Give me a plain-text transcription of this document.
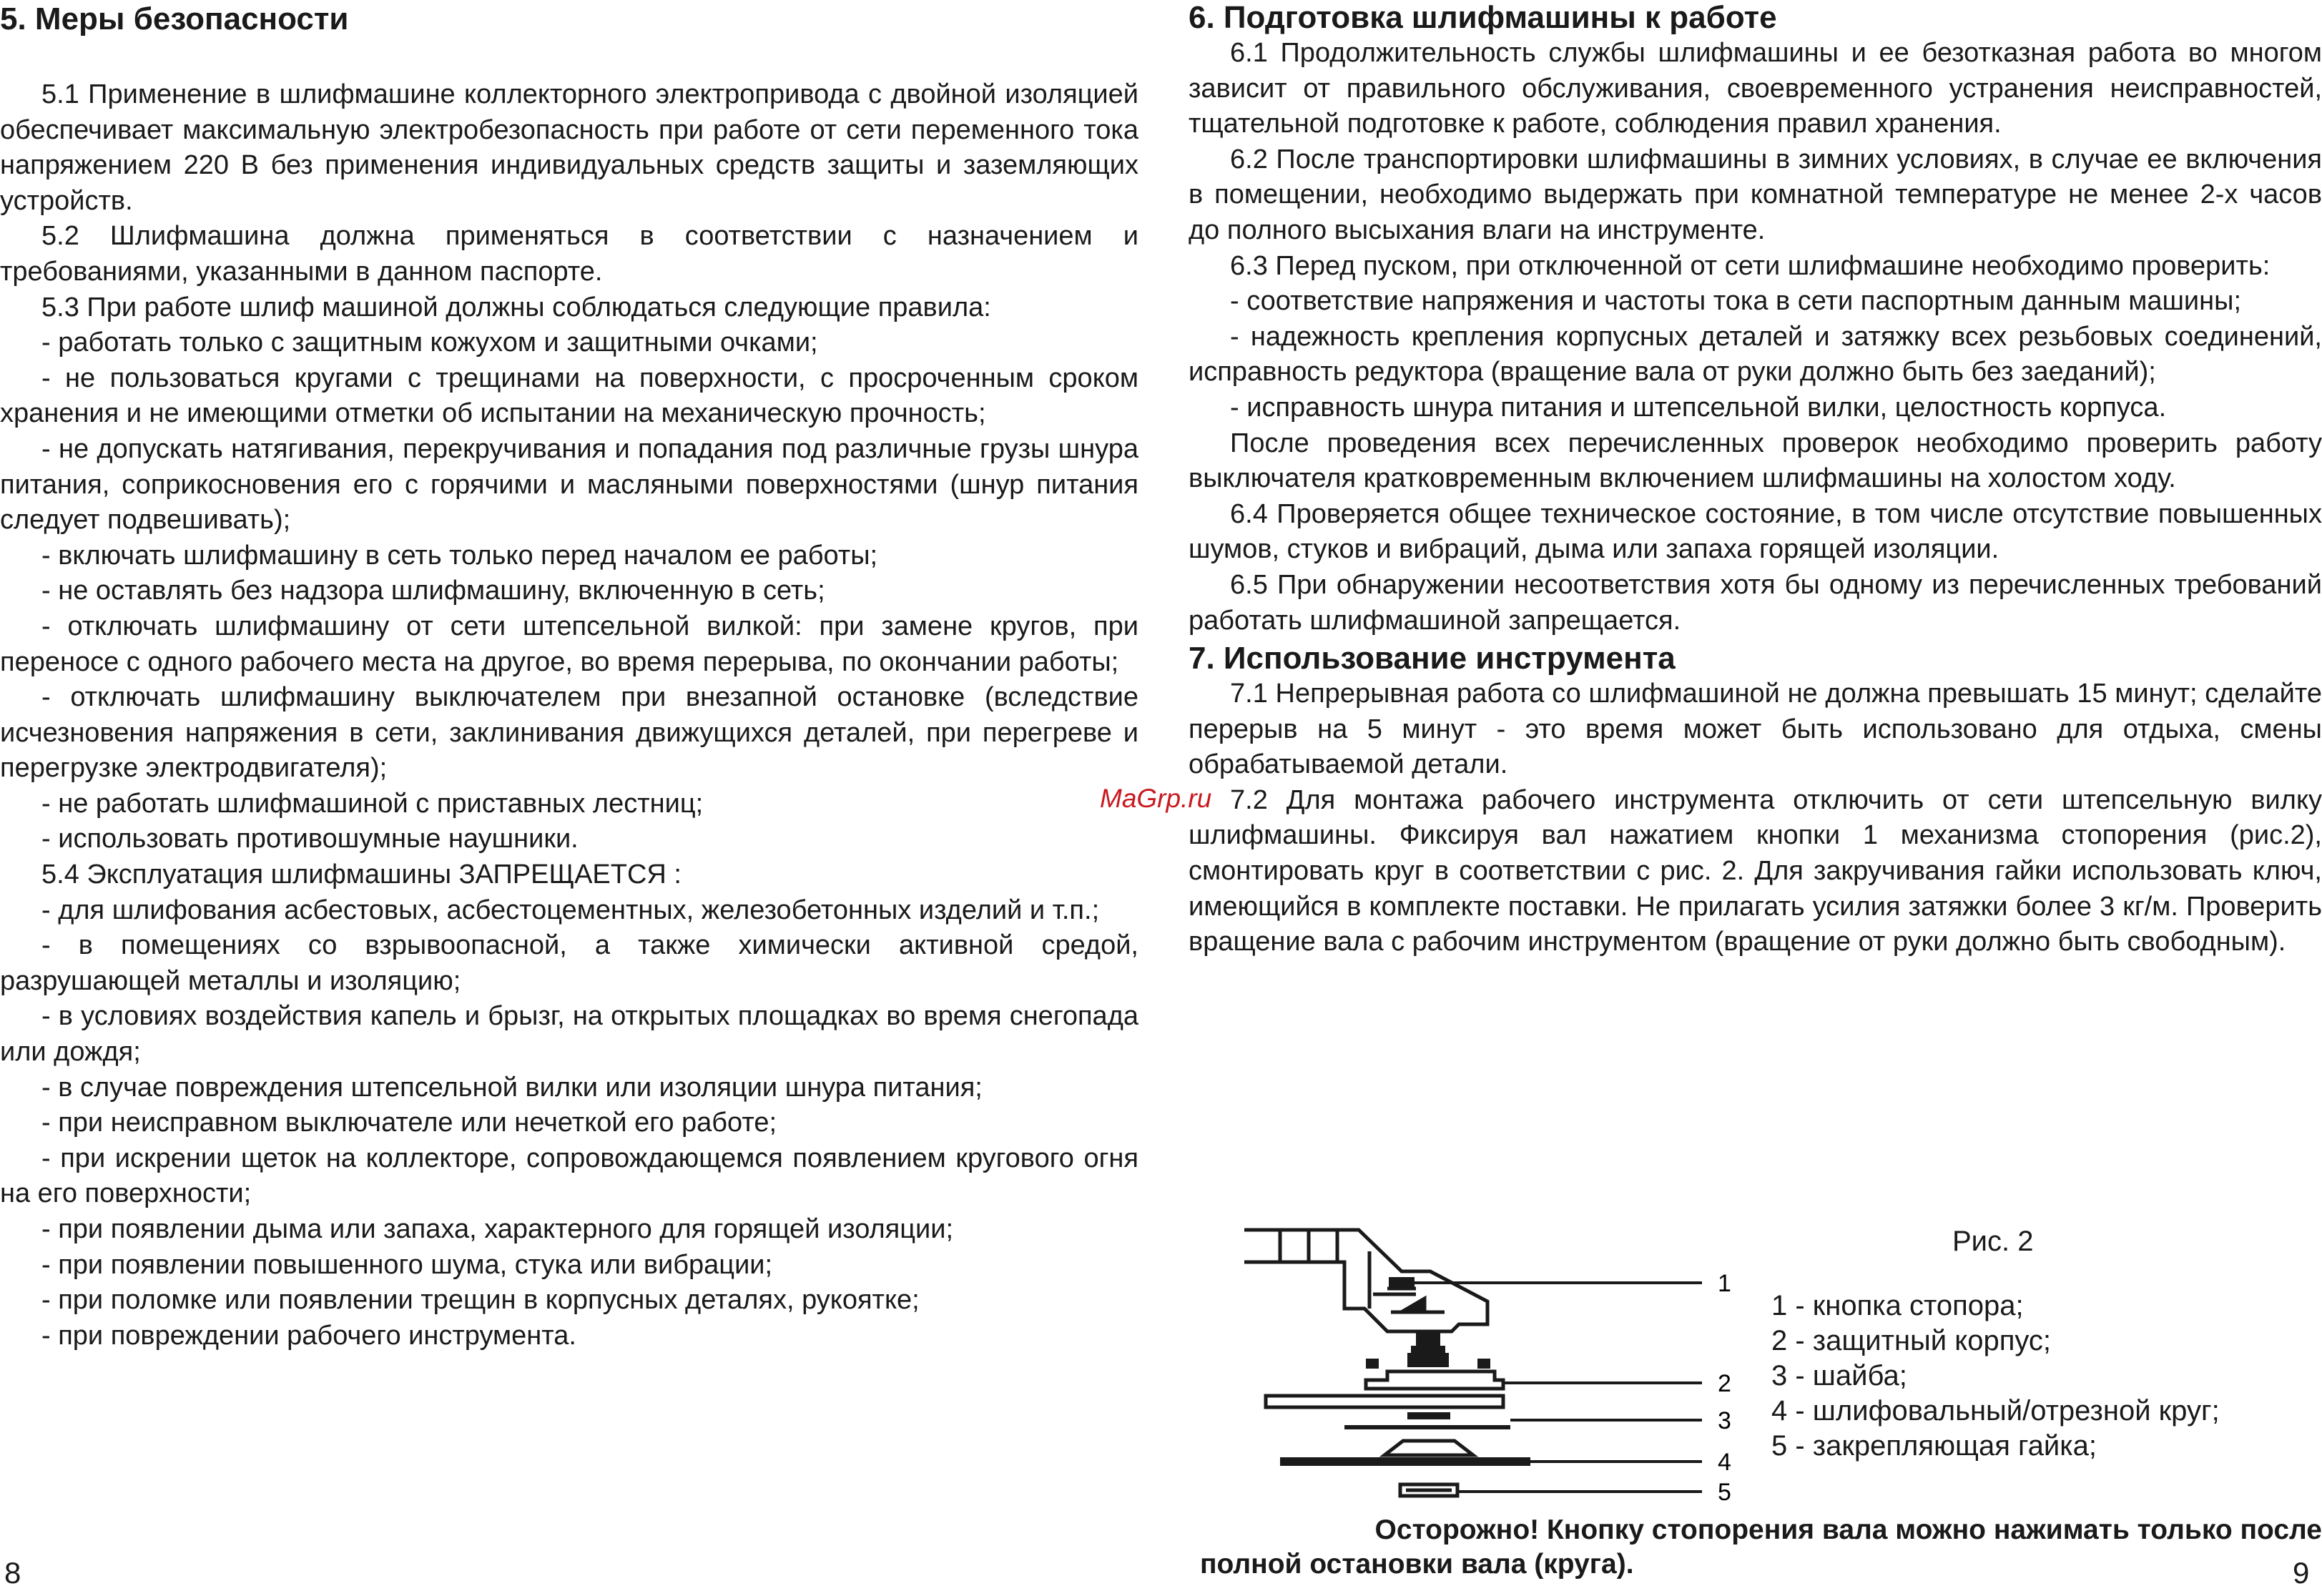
5. Меры безопасности

5.1 Применение в шлифмашине коллекторного электропривода с двойной изоляцией обеспечивает максимальную электробезопасность при работе от сети переменного тока напряжением 220 В без применения индивидуальных средств защиты и заземляющих устройств.

5.2 Шлифмашина должна применяться в соответствии с назначением и требованиями, указанными в данном паспорте.

5.3 При работе шлиф машиной должны соблюдаться следующие правила:

- работать только с защитным кожухом и защитными очками;

- не пользоваться кругами с трещинами на поверхности, с просроченным сроком хранения и не имеющими отметки об испытании на механическую прочность;

- не допускать натягивания, перекручивания и попадания под различные грузы шнура питания, соприкосновения его с горячими и масляными поверхностями (шнур питания следует подвешивать);

- включать шлифмашину в сеть только перед началом ее работы;

- не оставлять без надзора шлифмашину, включенную в сеть;

- отключать шлифмашину от сети штепсельной вилкой: при замене кругов, при переносе с одного рабочего места на другое, во время перерыва, по окончании работы;

- отключать шлифмашину выключателем при внезапной остановке (вследствие исчезновения напряжения в сети, заклинивания движущихся деталей, при перегреве и перегрузке электродвигателя);

- не работать шлифмашиной с приставных лестниц;

- использовать противошумные наушники.

5.4 Эксплуатация шлифмашины ЗАПРЕЩАЕТСЯ :

- для шлифования асбестовых, асбестоцементных, железобетонных изделий и т.п.;

- в помещениях со взрывоопасной, а также химически активной средой, разрушающей металлы и изоляцию;

- в условиях воздействия капель и брызг, на открытых площадках во время снегопада или дождя;

- в случае повреждения штепсельной вилки или изоляции шнура питания;

- при неисправном выключателе или нечеткой его работе;

- при искрении щеток на коллекторе, сопровождающемся появлением кругового огня на его поверхности;

- при появлении дыма или запаха, характерного для горящей изоляции;

- при появлении повышенного шума, стука или вибрации;

- при поломке или появлении трещин в корпусных деталях, рукоятке;

- при повреждении рабочего инструмента.

6. Подготовка шлифмашины к работе

6.1 Продолжительность службы шлифмашины и ее безотказная работа во многом зависит от правильного обслуживания, своевременного устранения неисправностей, тщательной подготовке к работе, соблюдения правил хранения.

6.2 После транспортировки шлифмашины в зимних условиях, в случае ее включения в помещении, необходимо выдержать при комнатной температуре не менее 2-х часов до полного высыхания влаги на инструменте.

6.3 Перед пуском, при отключенной от сети шлифмашине необходимо проверить:

- соответствие напряжения и частоты тока в сети паспортным данным машины;

- надежность крепления корпусных деталей и затяжку всех резьбовых соединений, исправность редуктора (вращение вала от руки должно быть без заеданий);

- исправность шнура питания и штепсельной вилки, целостность корпуса.

После проведения всех перечисленных проверок необходимо проверить работу выключателя кратковременным включением шлифмашины на холостом ходу.

6.4 Проверяется общее техническое состояние, в том числе отсутствие повышенных шумов, стуков и вибраций, дыма или запаха горящей изоляции.

6.5 При обнаружении несоответствия хотя бы одному из перечисленных требований работать шлифмашиной запрещается.

7. Использование инструмента

7.1 Непрерывная работа со шлифмашиной не должна превышать 15 минут; сделайте перерыв на 5 минут - это время может быть использовано для отдыха, смены обрабатываемой детали.

7.2 Для монтажа рабочего инструмента отключить от сети штепсельную вилку шлифмашины. Фиксируя вал нажатием кнопки 1 механизма стопорения (рис.2), смонтировать круг в соответствии с рис. 2. Для закручивания гайки использовать ключ, имеющийся в комплекте поставки. Не прилагать усилия затяжки более 3 кг/м. Проверить вращение вала с рабочим инструментом (вращение от руки должно быть свободным).

1
2
3
4
5
Рис. 2
1 - кнопка стопора;
2 - защитный корпус;
3 - шайба;
4 - шлифовальный/отрезной круг;
5 - закрепляющая гайка;
Осторожно! Кнопку стопорения вала можно нажимать только после
полной остановки вала (круга).
MaGrp.ru
8	9
